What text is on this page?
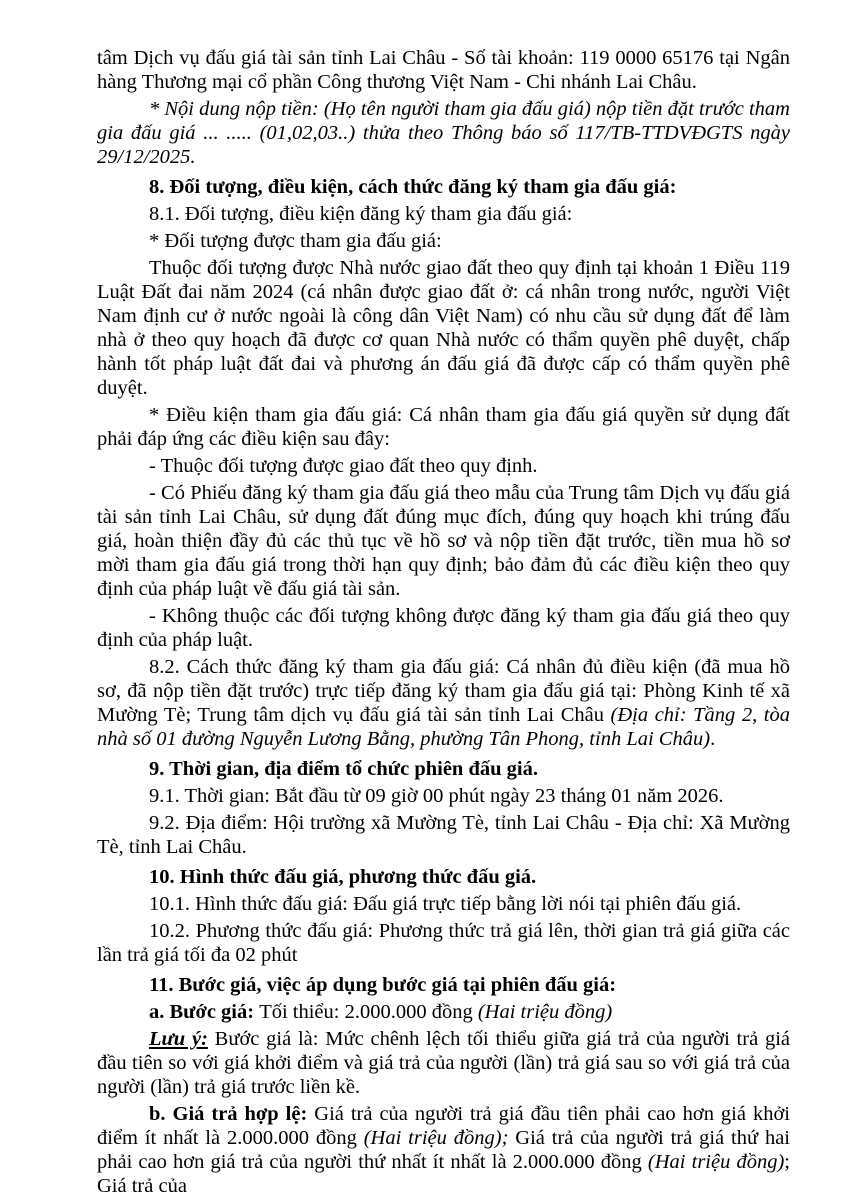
tâm Dịch vụ đấu giá tài sản tỉnh Lai Châu - Số tài khoản: 119 0000 65176 tại Ngân hàng Thương mại cổ phần Công thương Việt Nam - Chi nhánh Lai Châu.

* Nội dung nộp tiền: (Họ tên người tham gia đấu giá) nộp tiền đặt trước tham gia đấu giá ... ..... (01,02,03..) thửa theo Thông báo số 117/TB-TTDVĐGTS ngày 29/12/2025.

8. Đối tượng, điều kiện, cách thức đăng ký tham gia đấu giá:

8.1. Đối tượng, điều kiện đăng ký tham gia đấu giá:

* Đối tượng được tham gia đấu giá:

Thuộc đối tượng được Nhà nước giao đất theo quy định tại khoản 1 Điều 119 Luật Đất đai năm 2024 (cá nhân được giao đất ở: cá nhân trong nước, người Việt Nam định cư ở nước ngoài là công dân Việt Nam) có nhu cầu sử dụng đất để làm nhà ở theo quy hoạch đã được cơ quan Nhà nước có thẩm quyền phê duyệt, chấp hành tốt pháp luật đất đai và phương án đấu giá đã được cấp có thẩm quyền phê duyệt.

* Điều kiện tham gia đấu giá: Cá nhân tham gia đấu giá quyền sử dụng đất phải đáp ứng các điều kiện sau đây:

- Thuộc đối tượng được giao đất theo quy định.

- Có Phiếu đăng ký tham gia đấu giá theo mẫu của Trung tâm Dịch vụ đấu giá tài sản tỉnh Lai Châu, sử dụng đất đúng mục đích, đúng quy hoạch khi trúng đấu giá, hoàn thiện đầy đủ các thủ tục về hồ sơ và nộp tiền đặt trước, tiền mua hồ sơ mời tham gia đấu giá trong thời hạn quy định; bảo đảm đủ các điều kiện theo quy định của pháp luật về đấu giá tài sản.

- Không thuộc các đối tượng không được đăng ký tham gia đấu giá theo quy định của pháp luật.

8.2. Cách thức đăng ký tham gia đấu giá: Cá nhân đủ điều kiện (đã mua hồ sơ, đã nộp tiền đặt trước) trực tiếp đăng ký tham gia đấu giá tại: Phòng Kinh tế xã Mường Tè; Trung tâm dịch vụ đấu giá tài sản tỉnh Lai Châu (Địa chỉ: Tầng 2, tòa nhà số 01 đường Nguyễn Lương Bằng, phường Tân Phong, tỉnh Lai Châu).

9. Thời gian, địa điểm tổ chức phiên đấu giá.

9.1. Thời gian: Bắt đầu từ 09 giờ 00 phút ngày 23 tháng 01 năm 2026.

9.2. Địa điểm: Hội trường xã Mường Tè, tỉnh Lai Châu - Địa chỉ: Xã Mường Tè, tỉnh Lai Châu.

10. Hình thức đấu giá, phương thức đấu giá.

10.1. Hình thức đấu giá: Đấu giá trực tiếp bằng lời nói tại phiên đấu giá.

10.2. Phương thức đấu giá: Phương thức trả giá lên, thời gian trả giá giữa các lần trả giá tối đa 02 phút

11. Bước giá, việc áp dụng bước giá tại phiên đấu giá:

a. Bước giá: Tối thiểu: 2.000.000 đồng (Hai triệu đồng)

Lưu ý: Bước giá là: Mức chênh lệch tối thiểu giữa giá trả của người trả giá đầu tiên so với giá khởi điểm và giá trả của người (lần) trả giá sau so với giá trả của người (lần) trả giá trước liền kề.

b. Giá trả hợp lệ: Giá trả của người trả giá đầu tiên phải cao hơn giá khởi điểm ít nhất là 2.000.000 đồng (Hai triệu đồng); Giá trả của người trả giá thứ hai phải cao hơn giá trả của người thứ nhất ít nhất là 2.000.000 đồng (Hai triệu đồng); Giá trả của
